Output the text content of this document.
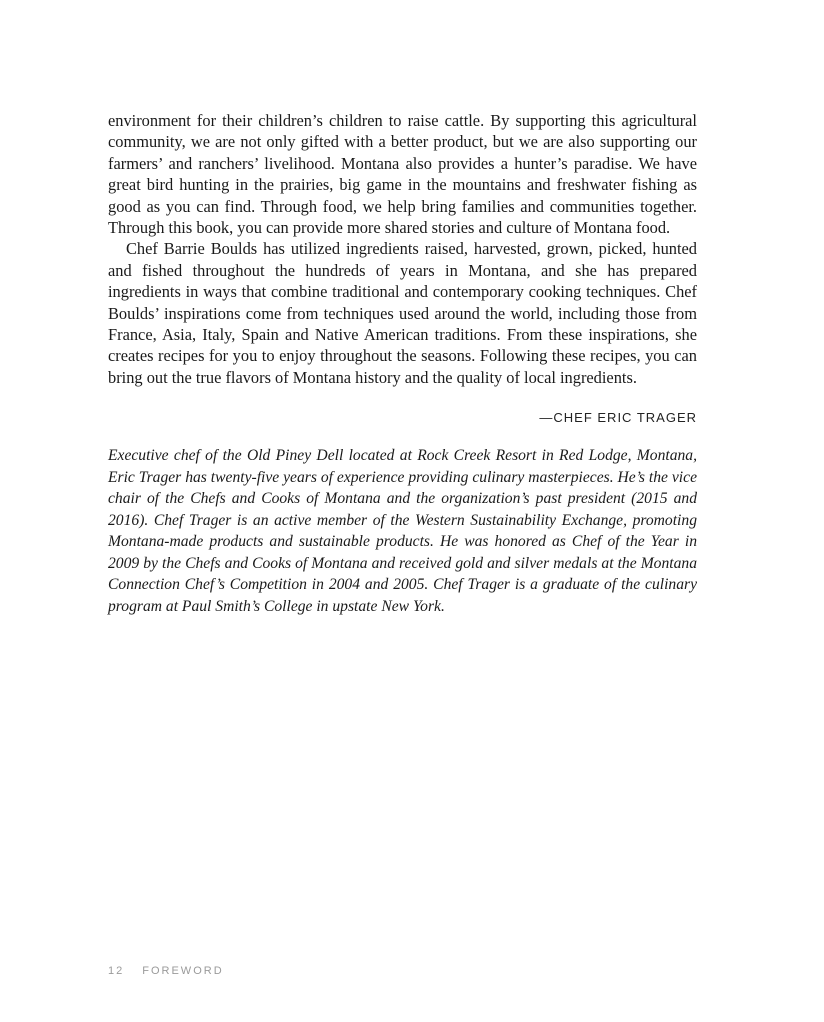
environment for their children’s children to raise cattle. By supporting this agricultural community, we are not only gifted with a better product, but we are also supporting our farmers’ and ranchers’ livelihood. Montana also provides a hunter’s paradise. We have great bird hunting in the prairies, big game in the mountains and freshwater fishing as good as you can find. Through food, we help bring families and communities together. Through this book, you can provide more shared stories and culture of Montana food.

Chef Barrie Boulds has utilized ingredients raised, harvested, grown, picked, hunted and fished throughout the hundreds of years in Montana, and she has prepared ingredients in ways that combine traditional and contemporary cooking techniques. Chef Boulds’ inspirations come from techniques used around the world, including those from France, Asia, Italy, Spain and Native American traditions. From these inspirations, she creates recipes for you to enjoy throughout the seasons. Following these recipes, you can bring out the true flavors of Montana history and the quality of local ingredients.

—CHEF ERIC TRAGER

Executive chef of the Old Piney Dell located at Rock Creek Resort in Red Lodge, Montana, Eric Trager has twenty-five years of experience providing culinary masterpieces. He’s the vice chair of the Chefs and Cooks of Montana and the organization’s past president (2015 and 2016). Chef Trager is an active member of the Western Sustainability Exchange, promoting Montana-made products and sustainable products. He was honored as Chef of the Year in 2009 by the Chefs and Cooks of Montana and received gold and silver medals at the Montana Connection Chef’s Competition in 2004 and 2005. Chef Trager is a graduate of the culinary program at Paul Smith’s College in upstate New York.

12 FOREWORD
